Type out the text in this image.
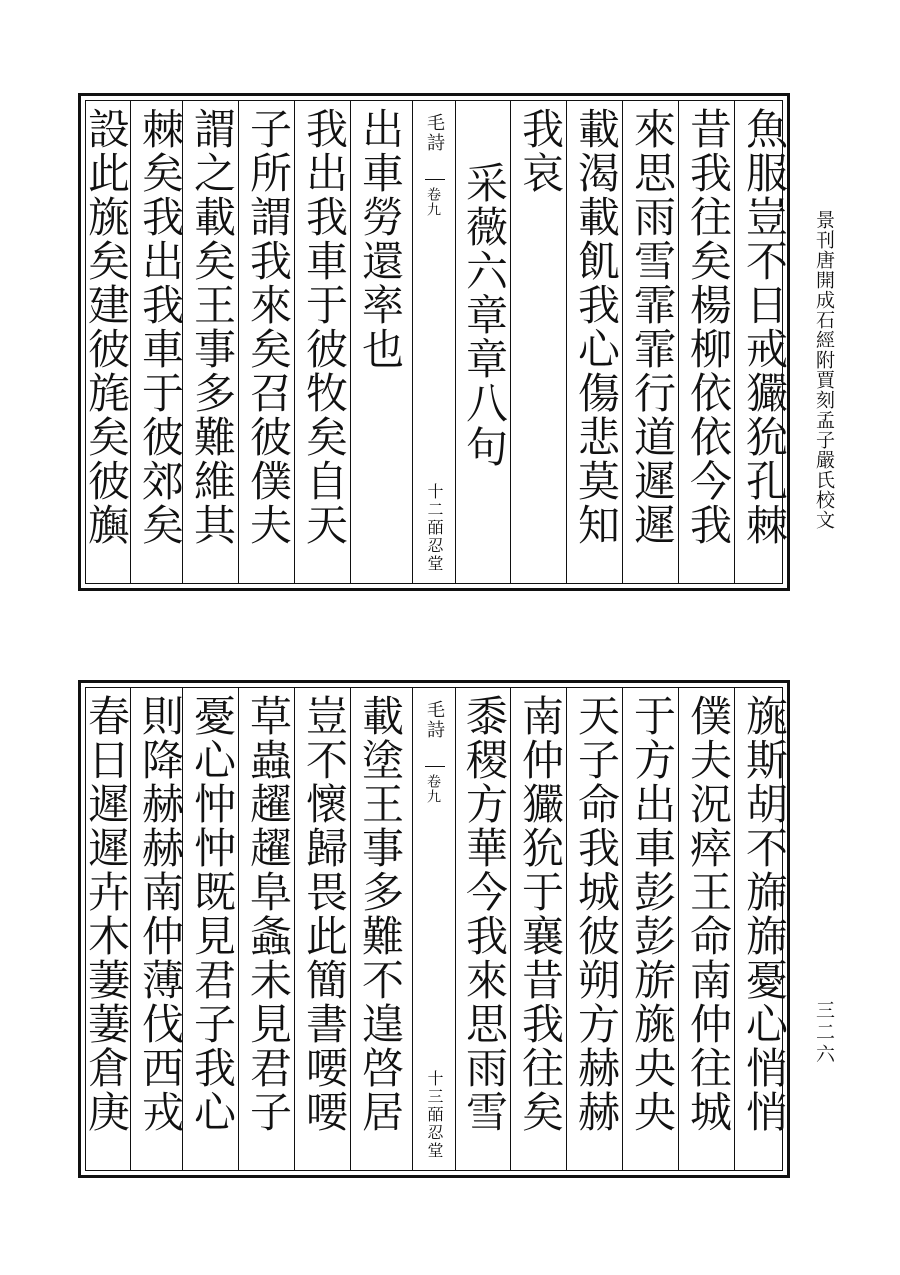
景刊唐開成石經附賈刻孟子嚴氏校文
三二六
魚服豈不日戒玁狁孔棘
昔我往矣楊柳依依今我
來思雨雪霏霏行道遲遲
載渴載飢我心傷悲莫知
我哀
采薇六章章八句
毛詩
卷九
十二皕忍堂
出車勞還率也
我出我車于彼牧矣自天
子所謂我來矣召彼僕夫
謂之載矣王事多難維其
棘矣我出我車于彼郊矣
設此旐矣建彼旄矣彼旟
旐斯胡不旆旆憂心悄悄
僕夫況瘁王命南仲往城
于方出車彭彭旂旐央央
天子命我城彼朔方赫赫
南仲玁狁于襄昔我往矣
黍稷方華今我來思雨雪
毛詩
卷九
十三皕忍堂
載塗王事多難不遑啓居
豈不懷歸畏此簡書喓喓
草蟲趯趯阜螽未見君子
憂心忡忡既見君子我心
則降赫赫南仲薄伐西戎
春日遲遲卉木萋萋倉庚
